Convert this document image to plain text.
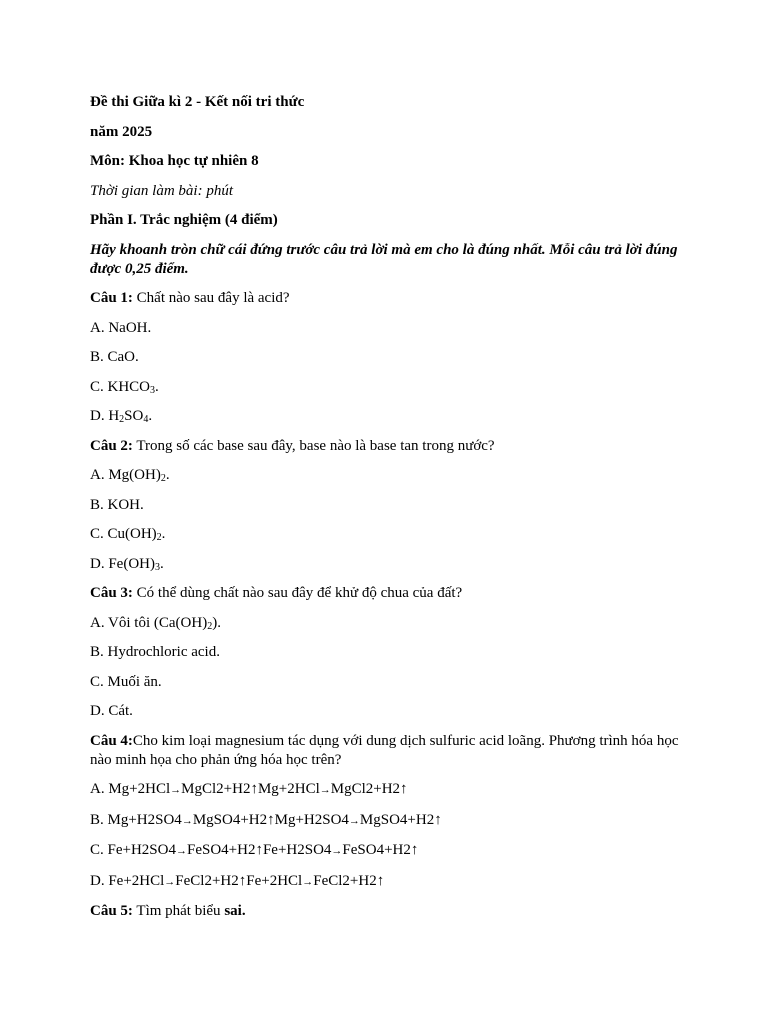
Đề thi Giữa kì 2 - Kết nối tri thức

năm 2025

Môn: Khoa học tự nhiên 8

Thời gian làm bài: phút

Phần I. Trắc nghiệm (4 điểm)

Hãy khoanh tròn chữ cái đứng trước câu trả lời mà em cho là đúng nhất. Mỗi câu trả lời đúng được 0,25 điểm.

Câu 1: Chất nào sau đây là acid?

A. NaOH.

B. CaO.

C. $KHCO_3$.

D. $H_2SO_4$.

Câu 2: Trong số các base sau đây, base nào là base tan trong nước?

A. $Mg(OH)_2$.

B. KOH.

C. $Cu(OH)_2$.

D. $Fe(OH)_3$.

Câu 3: Có thể dùng chất nào sau đây để khử độ chua của đất?

A. Vôi tôi $(Ca(OH)_2)$.

B. Hydrochloric acid.

C. Muối ăn.

D. Cát.

Câu 4:Cho kim loại magnesium tác dụng với dung dịch sulfuric acid loãng. Phương trình hóa học nào minh họa cho phản ứng hóa học trên?

A. Mg+2HCl→MgCl2+H2↑Mg+2HCl→MgCl2+H2↑

B. Mg+H2SO4→MgSO4+H2↑Mg+H2SO4→MgSO4+H2↑

C. Fe+H2SO4→FeSO4+H2↑Fe+H2SO4→FeSO4+H2↑

D. Fe+2HCl→FeCl2+H2↑Fe+2HCl→FeCl2+H2↑

Câu 5: Tìm phát biểu sai.
